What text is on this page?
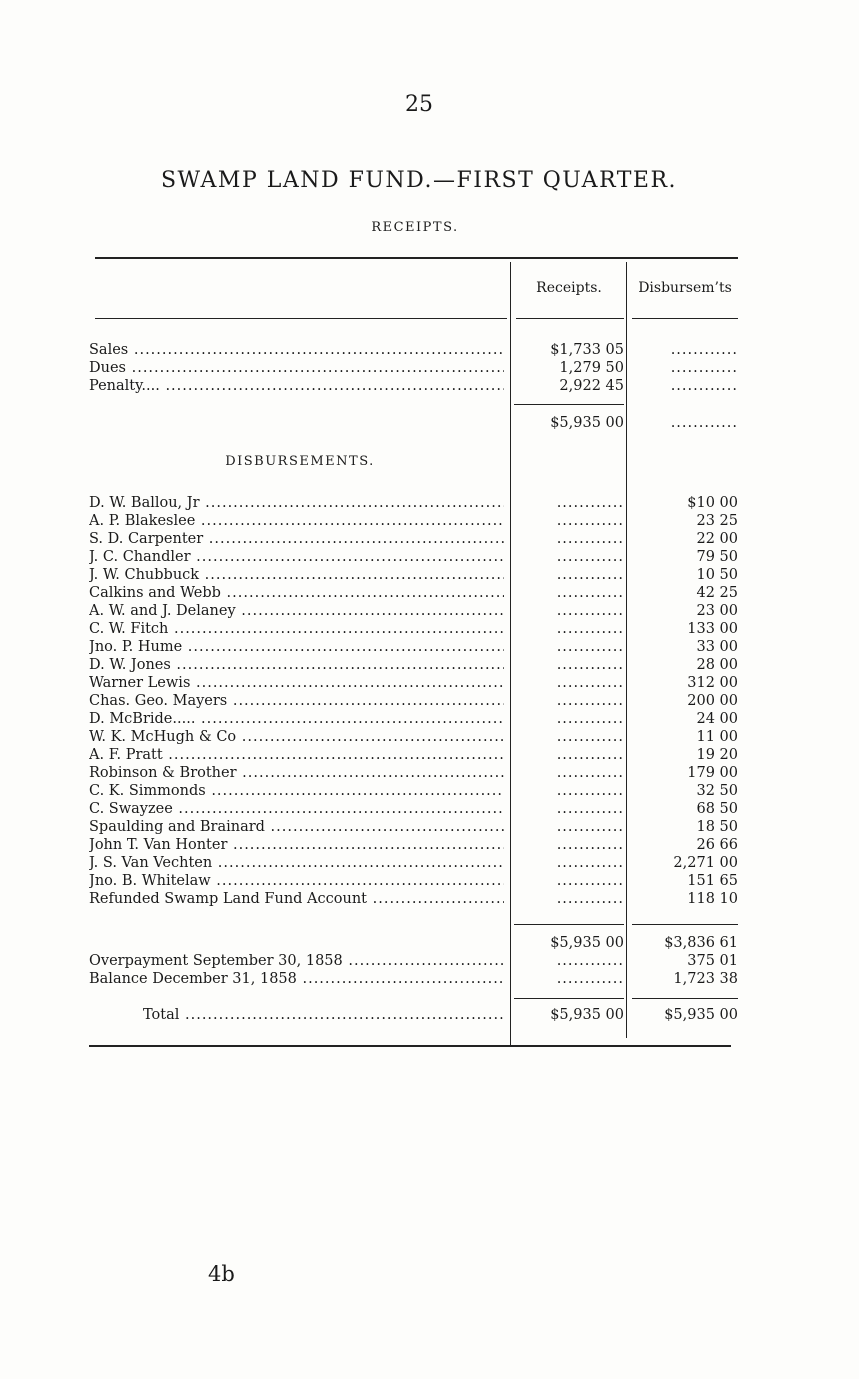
25
SWAMP LAND FUND.—FIRST QUARTER.
RECEIPTS.
Receipts.	Disbursem’ts
Sales .....	$1,733 05	............
Dues .....	1,279 50	............
Penalty.... .....	2,922 45	............
$5,935 00	............
DISBURSEMENTS.
D. W. Ballou, Jr .....	............	$10 00
A. P. Blakeslee .....	............	23 25
S. D. Carpenter .....	............	22 00
J. C. Chandler .....	............	79 50
J. W. Chubbuck .....	............	10 50
Calkins and Webb .....	............	42 25
A. W. and J. Delaney .....	............	23 00
C. W. Fitch .....	............	133 00
Jno. P. Hume .....	............	33 00
D. W. Jones .....	............	28 00
Warner Lewis .....	............	312 00
Chas. Geo. Mayers .....	............	200 00
D. McBride..... .....	............	24 00
W. K. McHugh & Co .....	............	11 00
A. F. Pratt .....	............	19 20
Robinson & Brother .....	............	179 00
C. K. Simmonds .....	............	32 50
C. Swayzee .....	............	68 50
Spaulding and Brainard .....	............	18 50
John T. Van Honter .....	............	26 66
J. S. Van Vechten .....	............	2,271 00
Jno. B. Whitelaw .....	............	151 65
Refunded Swamp Land Fund Account .....	............	118 10
$5,935 00	$3,836 61
Overpayment September 30, 1858 .....	............	375 01
Balance December 31, 1858 .....	............	1,723 38
Total .....	$5,935 00	$5,935 00
4b
